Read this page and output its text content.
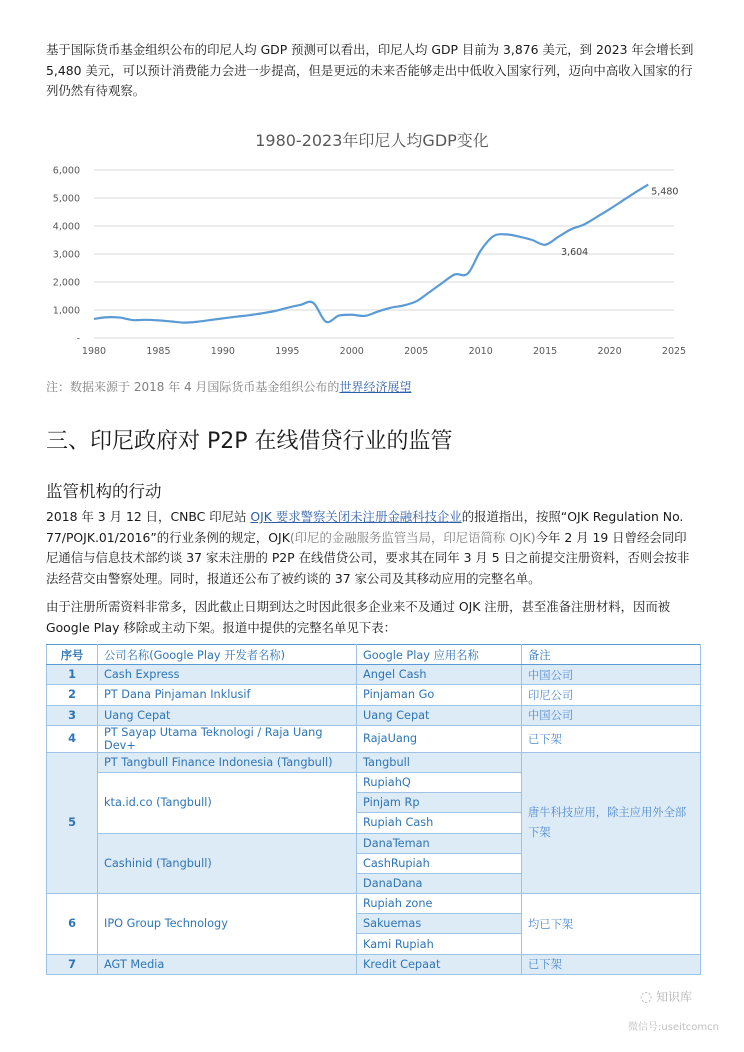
基于国际货币基金组织公布的印尼人均 GDP 预测可以看出，印尼人均 GDP 目前为 3,876 美元，到 2023 年会增长到 5,480 美元，可以预计消费能力会进一步提高，但是更远的未来否能够走出中低收入国家行列，迈向中高收入国家的行列仍然有待观察。

1980-2023年印尼人均GDP变化
-
1,000
2,000
3,000
4,000
5,000
6,000
1980	1985	1990	1995	2000	2005	2010	2015	2020	2025
3,604
5,480
注：数据来源于 2018 年 4 月国际货币基金组织公布的世界经济展望
三、印尼政府对 P2P 在线借贷行业的监管
监管机构的行动

2018 年 3 月 12 日，CNBC 印尼站 OJK 要求警察关闭未注册金融科技企业的报道指出，按照“OJK Regulation No. 77/POJK.01/2016”的行业条例的规定，OJK(印尼的金融服务监管当局，印尼语简称 OJK)今年 2 月 19 日曾经会同印尼通信与信息技术部约谈 37 家未注册的 P2P 在线借贷公司，要求其在同年 3 月 5 日之前提交注册资料，否则会按非法经营交由警察处理。同时，报道还公布了被约谈的 37 家公司及其移动应用的完整名单。

由于注册所需资料非常多，因此截止日期到达之时因此很多企业来不及通过 OJK 注册，甚至准备注册材料，因而被 Google Play 移除或主动下架。报道中提供的完整名单见下表：

序号	公司名称(Google Play 开发者名称)	Google Play 应用名称	备注
1	Cash Express	Angel Cash	中国公司
2	PT Dana Pinjaman Inklusif	Pinjaman Go	印尼公司
3	Uang Cepat	Uang Cepat	中国公司
4	PT Sayap Utama Teknologi / Raja Uang Dev+	RajaUang	已下架
5	PT Tangbull Finance Indonesia (Tangbull)	Tangbull	唐牛科技应用，除主应用外全部下架
	kta.id.co (Tangbull)	RupiahQ	
		Pinjam Rp	
		Rupiah Cash	
	Cashinid (Tangbull)	DanaTeman	
		CashRupiah	
		DanaDana	
6	IPO Group Technology	Rupiah zone	均已下架
		Sakuemas	
		Kami Rupiah	
7	AGT Media	Kredit Cepaat	已下架
◌ 知识库
微信号:useitcomcn
